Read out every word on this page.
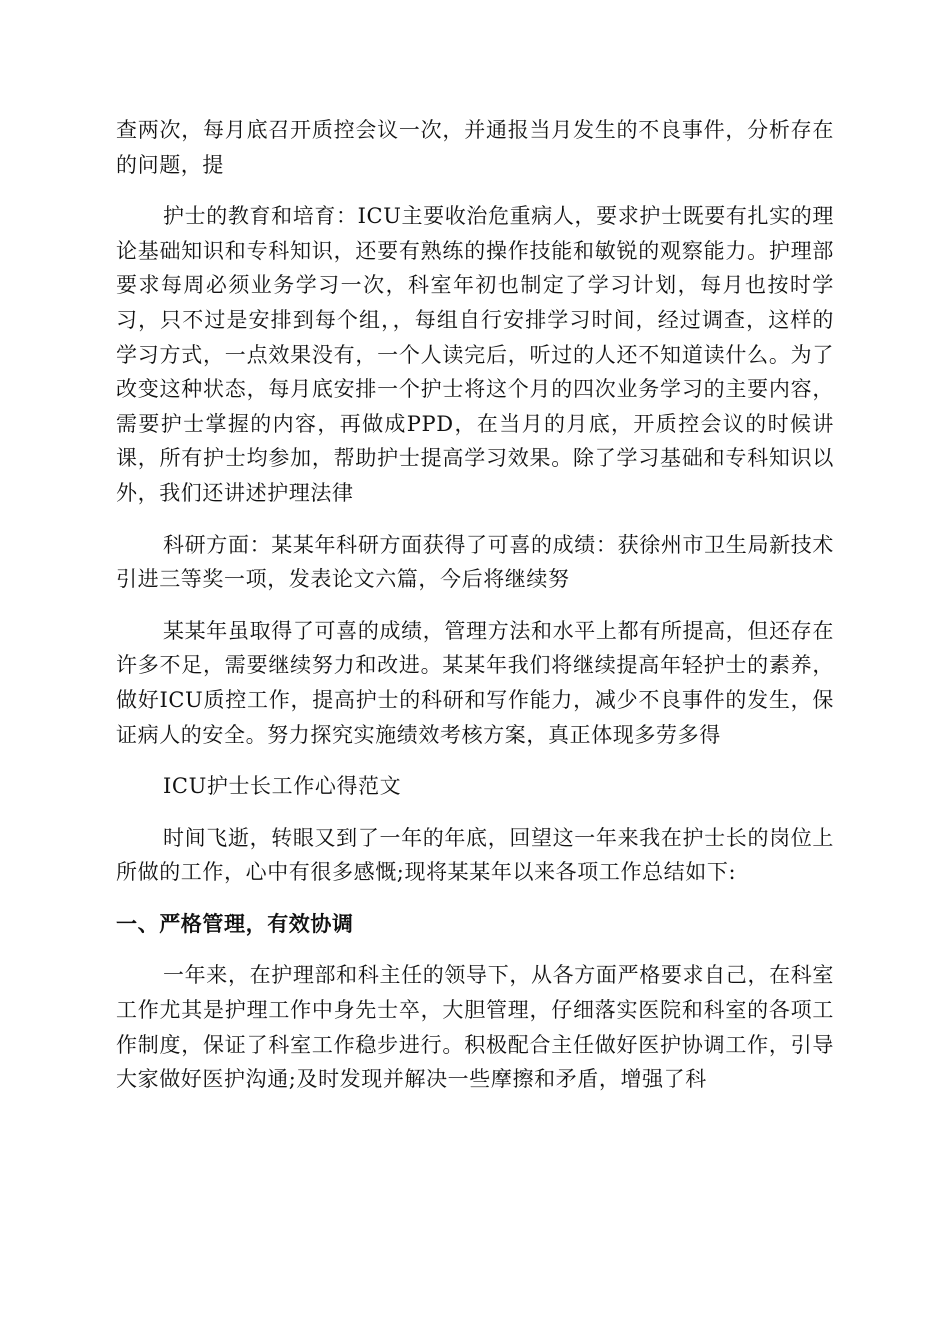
查两次，每月底召开质控会议一次，并通报当月发生的不良事件，分析存在的问题，提

护士的教育和培育：ICU主要收治危重病人，要求护士既要有扎实的理论基础知识和专科知识，还要有熟练的操作技能和敏锐的观察能力。护理部要求每周必须业务学习一次，科室年初也制定了学习计划，每月也按时学习，只不过是安排到每个组，，每组自行安排学习时间，经过调查，这样的学习方式，一点效果没有，一个人读完后，听过的人还不知道读什么。为了改变这种状态，每月底安排一个护士将这个月的四次业务学习的主要内容，需要护士掌握的内容，再做成PPD，在当月的月底，开质控会议的时候讲课，所有护士均参加，帮助护士提高学习效果。除了学习基础和专科知识以外，我们还讲述护理法律

科研方面：某某年科研方面获得了可喜的成绩：获徐州市卫生局新技术引进三等奖一项，发表论文六篇，今后将继续努

某某年虽取得了可喜的成绩，管理方法和水平上都有所提高，但还存在许多不足，需要继续努力和改进。某某年我们将继续提高年轻护士的素养，做好ICU质控工作，提高护士的科研和写作能力，减少不良事件的发生，保证病人的安全。努力探究实施绩效考核方案，真正体现多劳多得

ICU护士长工作心得范文

时间飞逝，转眼又到了一年的年底，回望这一年来我在护士长的岗位上所做的工作，心中有很多感慨;现将某某年以来各项工作总结如下:

一、严格管理，有效协调

一年来，在护理部和科主任的领导下，从各方面严格要求自己，在科室工作尤其是护理工作中身先士卒，大胆管理，仔细落实医院和科室的各项工作制度，保证了科室工作稳步进行。积极配合主任做好医护协调工作，引导大家做好医护沟通;及时发现并解决一些摩擦和矛盾，增强了科
